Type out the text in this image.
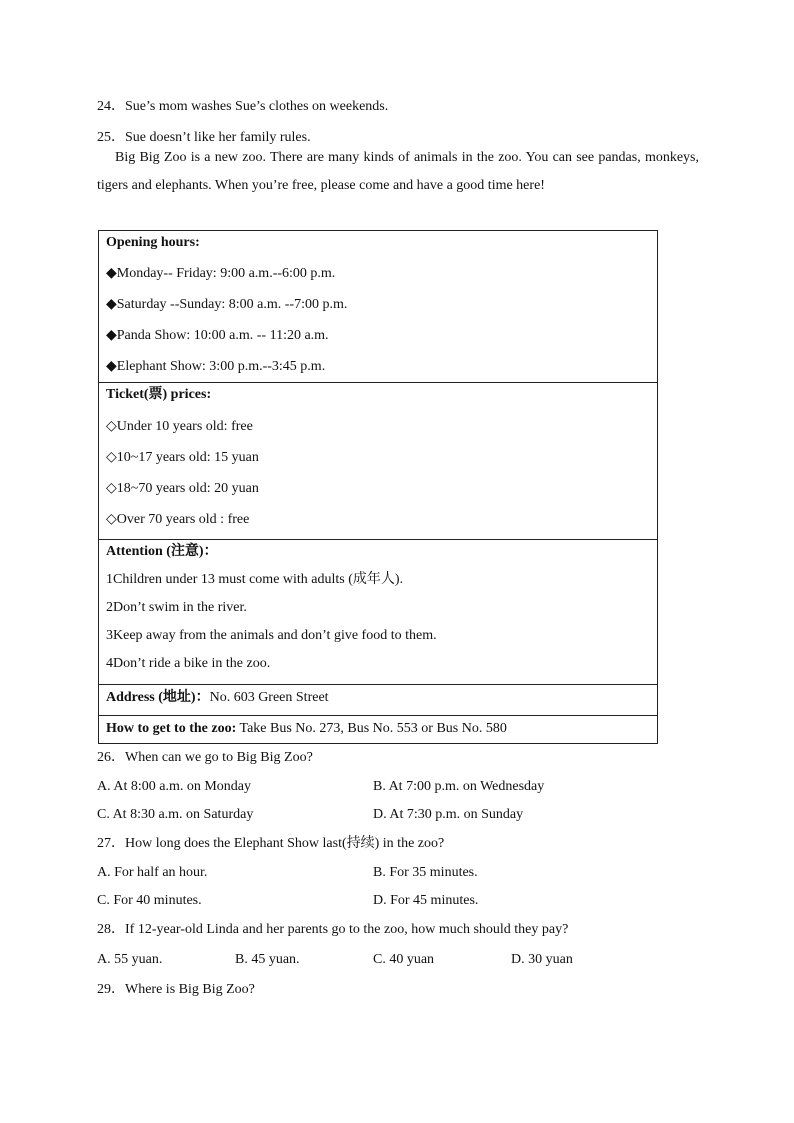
24．Sue’s mom washes Sue’s clothes on weekends.
25．Sue doesn’t like her family rules.
Big Big Zoo is a new zoo. There are many kinds of animals in the zoo. You can see pandas, monkeys, tigers and elephants. When you’re free, please come and have a good time here!
Opening hours:
◆Monday-- Friday: 9:00 a.m.--6:00 p.m.
◆Saturday --Sunday: 8:00 a.m. --7:00 p.m.
◆Panda Show: 10:00 a.m. -- 11:20 a.m.
◆Elephant Show: 3:00 p.m.--3:45 p.m.

Ticket(票) prices:
◇Under 10 years old: free
◇10~17 years old: 15 yuan
◇18~70 years old: 20 yuan
◇Over 70 years old : free

Attention (注意)：
1Children under 13 must come with adults (成年人).
2Don’t swim in the river.
3Keep away from the animals and don’t give food to them.
4Don’t ride a bike in the zoo.

Address (地址)：No. 603 Green Street

How to get to the zoo: Take Bus No. 273, Bus No. 553 or Bus No. 580
26．When can we go to Big Big Zoo?
A. At 8:00 a.m. on Monday	B. At 7:00 p.m. on Wednesday
C. At 8:30 a.m. on Saturday	D. At 7:30 p.m. on Sunday
27．How long does the Elephant Show last(持续) in the zoo?
A. For half an hour.	B. For 35 minutes.
C. For 40 minutes.	D. For 45 minutes.
28．If 12-year-old Linda and her parents go to the zoo, how much should they pay?
A. 55 yuan.	B. 45 yuan.	C. 40 yuan	D. 30 yuan
29．Where is Big Big Zoo?
